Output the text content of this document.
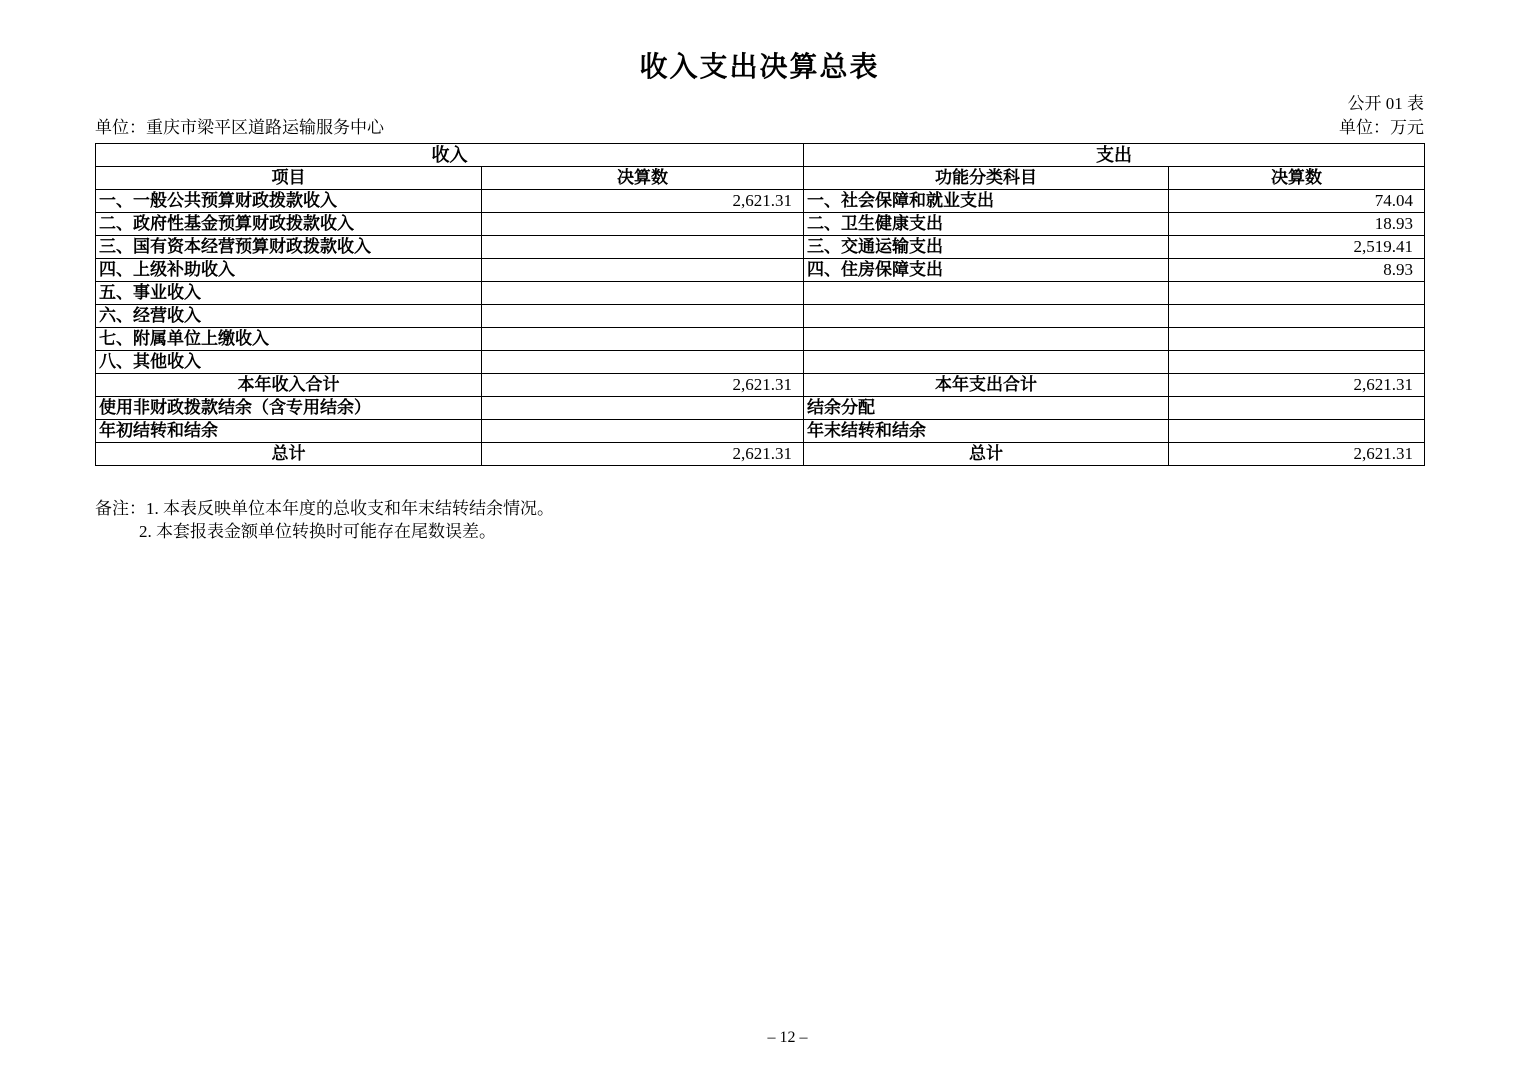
收入支出决算总表
公开 01 表
单位：重庆市梁平区道路运输服务中心	单位：万元
收入		支出	
项目	决算数	功能分类科目	决算数
一、一般公共预算财政拨款收入	2,621.31	一、社会保障和就业支出	74.04
二、政府性基金预算财政拨款收入		二、卫生健康支出	18.93
三、国有资本经营预算财政拨款收入		三、交通运输支出	2,519.41
四、上级补助收入		四、住房保障支出	8.93
五、事业收入			
六、经营收入			
七、附属单位上缴收入			
八、其他收入			
本年收入合计	2,621.31	本年支出合计	2,621.31
使用非财政拨款结余（含专用结余）		结余分配	
年初结转和结余		年末结转和结余	
总计	2,621.31	总计	2,621.31
备注：1. 本表反映单位本年度的总收支和年末结转结余情况。
2. 本套报表金额单位转换时可能存在尾数误差。
– 12 –
